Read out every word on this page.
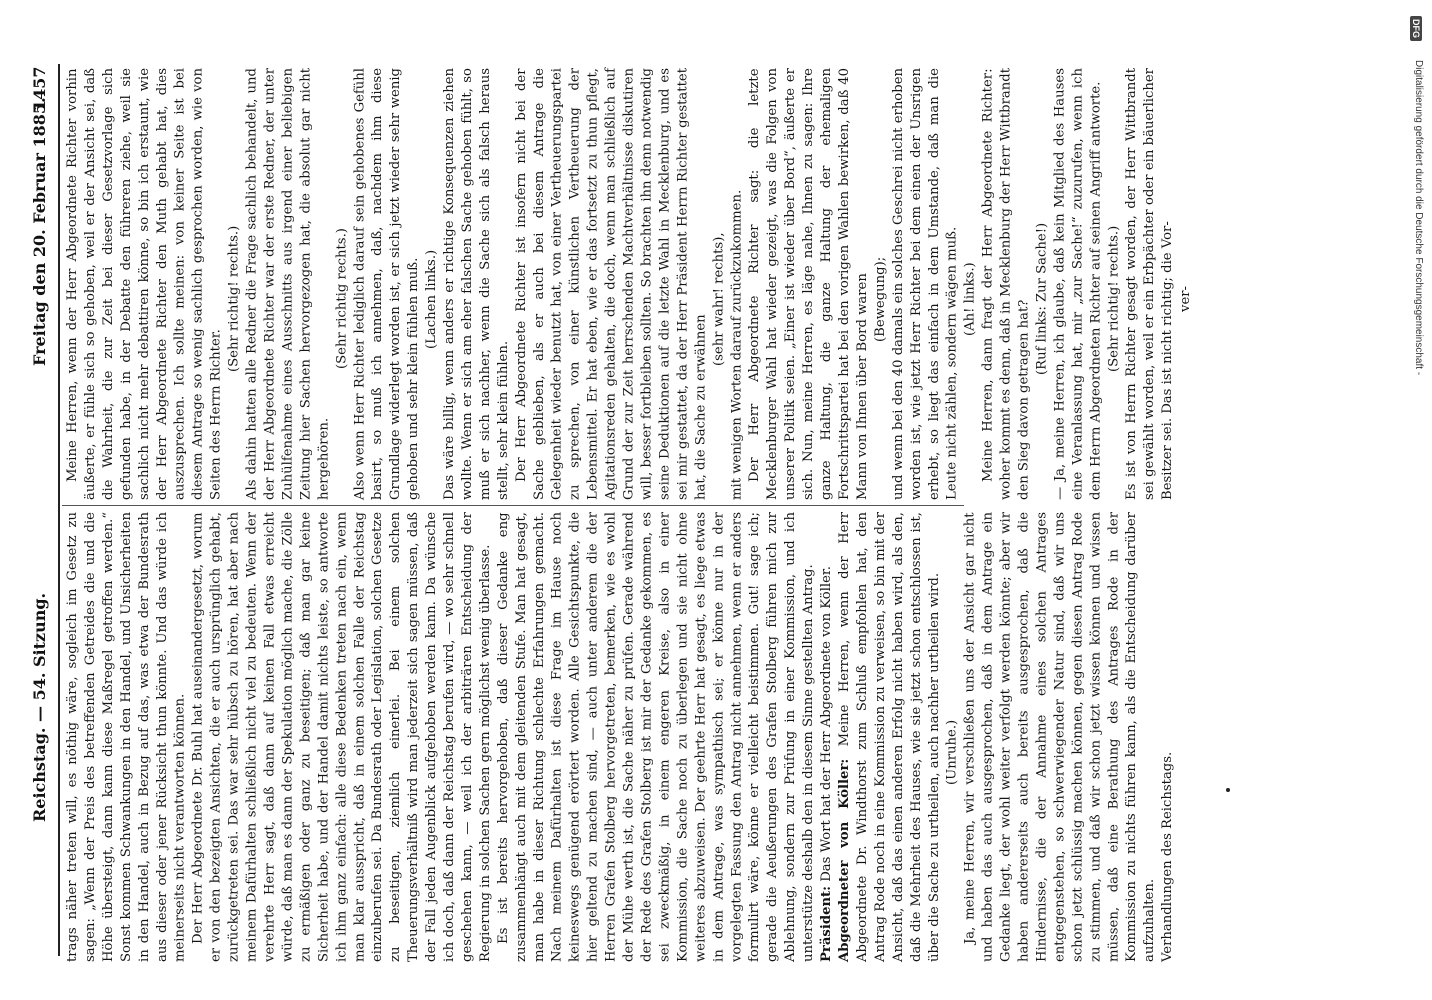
Reichstag. — 54. Sitzung.
Freitag den 20. Februar 1885.
1457

trags näher treten will, es nöthig wäre, sogleich im Gesetz zu sagen: „Wenn der Preis des betreffenden Getreides die und die Höhe übersteigt, dann kann diese Maßregel getroffen werden.“ Sonst kommen Schwankungen in den Handel, und Unsicherheiten in den Handel, auch in Bezug auf das, was etwa der Bundesrath aus dieser oder jener Rücksicht thun könnte. Und das würde ich meinerseits nicht verantworten können. Der Herr Abgeordnete Dr. Buhl hat auseinandergesetzt, worum er von den bezeigten Ansichten, die er auch ursprünglich gehabt, zurückgetreten sei. Das war sehr hübsch zu hören, hat aber nach meinem Dafürhalten schließlich nicht viel zu bedeuten. Wenn der verehrte Herr sagt, daß dann auf keinen Fall etwas erreicht würde, daß man es dann der Spekulation möglich mache, die Zölle zu ermäßigen oder ganz zu beseitigen; daß man gar keine Sicherheit habe, und der Handel damit nichts leiste, so antworte ich ihm ganz einfach: alle diese Bedenken treten nach ein, wenn man klar ausspricht, daß in einem solchen Falle der Reichstag einzuberufen sei. Da Bundesrath oder Legislation, solchen Gesetze zu beseitigen, ziemlich einerlei. Bei einem solchen Theuerungsverhältniß wird man jederzeit sich sagen müssen, daß der Fall jeden Augenblick aufgehoben werden kann. Da wünsche ich doch, daß dann der Reichstag berufen wird, — wo sehr schnell geschehen kann, — weil ich der arbiträren Entscheidung der Regierung in solchen Sachen gern möglichst wenig überlasse. Es ist bereits hervorgehoben, daß dieser Gedanke eng zusammenhängt auch mit dem gleitenden Stufe. Man hat gesagt, man habe in dieser Richtung schlechte Erfahrungen gemacht. Nach meinem Dafürhalten ist diese Frage im Hause noch keineswegs genügend erörtert worden. Alle Gesichtspunkte, die hier geltend zu machen sind, — auch unter anderem die der Herren Grafen Stolberg hervorgetreten, bemerken, wie es wohl der Mühe werth ist, die Sache näher zu prüfen. Gerade während der Rede des Grafen Stolberg ist mir der Gedanke gekommen, es sei zweckmäßig, in einem engeren Kreise, also in einer Kommission, die Sache noch zu überlegen und sie nicht ohne weiteres abzuweisen. Der geehrte Herr hat gesagt, es liege etwas in dem Antrage, was sympathisch sei; er könne nur in der vorgelegten Fassung den Antrag nicht annehmen, wenn er anders formulirt wäre, könne er vielleicht beistimmen. Gut! sage ich; gerade die Aeußerungen des Grafen Stolberg führen mich zur Ablehnung, sondern zur Prüfung in einer Kommission, und ich unterstütze deshalb den in diesem Sinne gestellten Antrag. Präsident: Das Wort hat der Herr Abgeordnete von Köller. Abgeordneter von Köller: Meine Herren, wenn der Herr Abgeordnete Dr. Windthorst zum Schluß empfohlen hat, den Antrag Rode noch in eine Kommission zu verweisen, so bin mit der Ansicht, daß das einen anderen Erfolg nicht haben wird, als den, daß die Mehrheit des Hauses, wie sie jetzt schon entschlossen ist, über die Sache zu urtheilen, auch nachher urtheilen wird. (Unruhe.) Ja, meine Herren, wir verschließen uns der Ansicht gar nicht und haben das auch ausgesprochen, daß in dem Antrage ein Gedanke liegt, der wohl weiter verfolgt werden könnte; aber wir haben andererseits auch bereits ausgesprochen, daß die Hindernisse, die der Annahme eines solchen Antrages entgegenstehen, so schwerwiegender Natur sind, daß wir uns schon jetzt schlüssig machen können, gegen diesen Antrag Rode zu stimmen, und daß wir schon jetzt wissen können und wissen müssen, daß eine Berathung des Antrages Rode in der Kommission zu nichts führen kann, als die Entscheidung darüber aufzuhalten. Verhandlungen des Reichstags.

Meine Herren, wenn der Herr Abgeordnete Richter vorhin äußerte, er fühle sich so gehoben, weil er der Ansicht sei, daß die Wahrheit, die zur Zeit bei dieser Gesetzvorlage sich gefunden habe, in der Debatte den führeren ziehe, weil sie sachlich nicht mehr debattiren könne, so bin ich erstaunt, wie der Herr Abgeordnete Richter den Muth gehabt hat, dies auszusprechen. Ich sollte meinen: von keiner Seite ist bei diesem Antrage so wenig sachlich gesprochen worden, wie von Seiten des Herrn Richter.

(Sehr richtig! rechts.) Als dahin hatten alle Redner die Frage sachlich behandelt, und der Herr Abgeordnete Richter war der erste Redner, der unter Zuhülfenahme eines Ausschnitts aus irgend einer beliebigen Zeitung hier Sachen hervorgezogen hat, die absolut gar nicht hergehören.

(Sehr richtig rechts.) Also wenn Herr Richter lediglich darauf sein gehobenes Gefühl basirt, so muß ich annehmen, daß, nachdem ihm diese Grundlage widerlegt worden ist, er sich jetzt wieder sehr wenig gehoben und sehr klein fühlen muß. (Lachen links.) Das wäre billig, wenn anders er richtige Konsequenzen ziehen wollte. Wenn er sich am eher falschen Sache gehoben fühlt, so muß er sich nachher, wenn die Sache sich als falsch heraus stellt, sehr klein fühlen. Der Herr Abgeordnete Richter ist insofern nicht bei der Sache geblieben, als er auch bei diesem Antrage die Gelegenheit wieder benutzt hat, von einer Vertheuerungspartei zu sprechen, von einer künstlichen Vertheuerung der Lebensmittel. Er hat eben, wie er das fortsetzt zu thun pflegt, Agitationsreden gehalten, die doch, wenn man schließlich auf Grund der zur Zeit herrschenden Machtverhältnisse diskutiren will, besser fortbleiben sollten. So brachten ihn denn notwendig seine Deduktionen auf die letzte Wahl in Mecklenburg, und es sei mir gestattet, da der Herr Präsident Herrn Richter gestattet hat, die Sache zu erwähnen

(sehr wahr! rechts), mit wenigen Worten darauf zurückzukommen. Der Herr Abgeordnete Richter sagt: die letzte Mecklenburger Wahl hat wieder gezeigt, was die Folgen von unserer Politik seien. „Einer ist wieder über Bord“, äußerte er sich. Nun, meine Herren, es läge nahe, Ihnen zu sagen: Ihre ganze Haltung, die ganze Haltung der ehemaligen Fortschrittspartei hat bei den vorigen Wahlen bewirken, daß 40 Mann von Ihnen über Bord waren (Bewegung); und wenn bei den 40 damals ein solches Geschrei nicht erhoben worden ist, wie jetzt Herr Richter bei dem einen der Unsrigen erhebt, so liegt das einfach in dem Umstande, daß man die Leute nicht zählen, sondern wägen muß. (Ah! links.) Meine Herren, dann fragt der Herr Abgeordnete Richter: woher kommt es denn, daß in Mecklenburg der Herr Wittbrandt den Sieg davon getragen hat?

(Ruf links: Zur Sache!) — Ja, meine Herren, ich glaube, daß kein Mitglied des Hauses eine Veranlassung hat, mir „zur Sache!“ zuzurufen, wenn ich dem Herrn Abgeordneten Richter auf seinen Angriff antworte. (Sehr richtig! rechts.) Es ist von Herrn Richter gesagt worden, der Herr Wittbrandt sei gewählt worden, weil er ein Erbpächter oder ein bäuerlicher Besitzer sei. Das ist nicht richtig; die Vor- ver-	Digitalisierung gefördert durch die Deutsche Forschungsgemeinschaft -
DFG
